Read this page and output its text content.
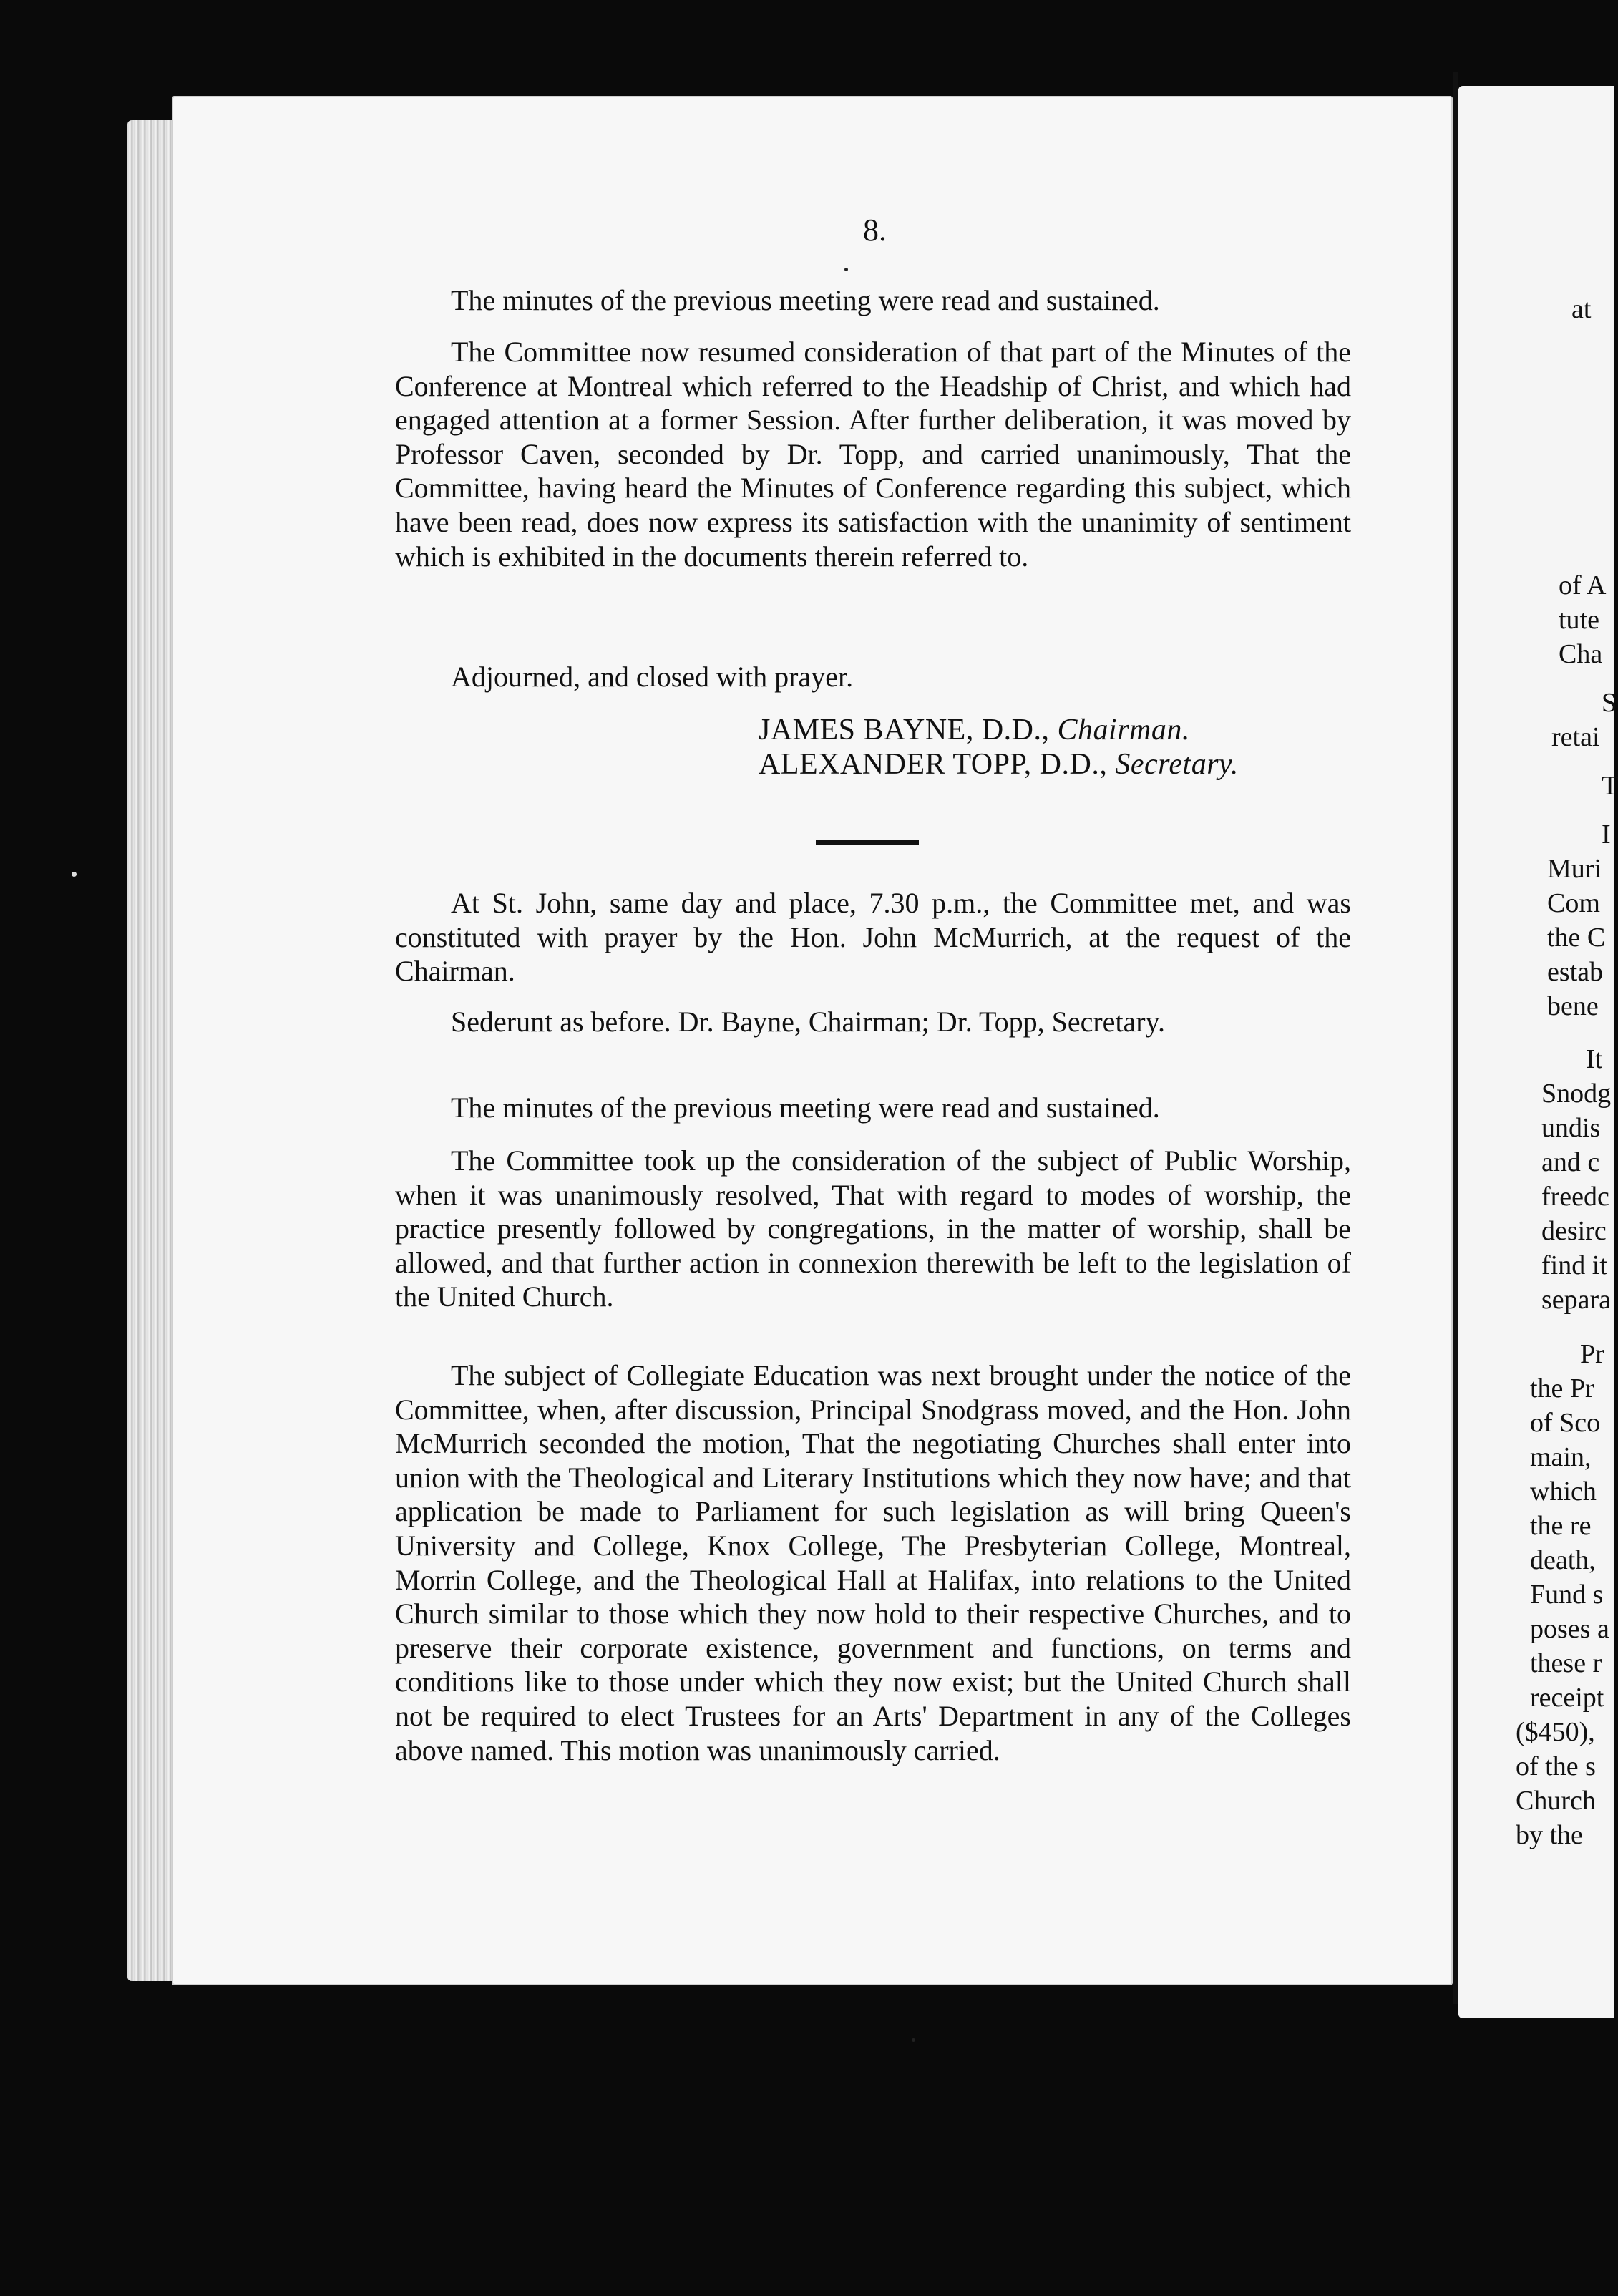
8.

The minutes of the previous meeting were read and sustained.

The Committee now resumed consideration of that part of the Minutes of the Conference at Montreal which referred to the Headship of Christ, and which had engaged attention at a former Session. After further deliberation, it was moved by Professor Caven, seconded by Dr. Topp, and carried unanimously, That the Committee, having heard the Minutes of Conference regarding this subject, which have been read, does now express its satisfaction with the unanimity of sentiment which is exhibited in the documents therein referred to.

Adjourned, and closed with prayer.

JAMES BAYNE, D.D., Chairman.
ALEXANDER TOPP, D.D., Secretary.

At St. John, same day and place, 7.30 p.m., the Committee met, and was constituted with prayer by the Hon. John McMurrich, at the request of the Chairman.

Sederunt as before. Dr. Bayne, Chairman; Dr. Topp, Secretary.

The minutes of the previous meeting were read and sustained.

The Committee took up the consideration of the subject of Public Worship, when it was unanimously resolved, That with regard to modes of worship, the practice presently followed by congregations, in the matter of worship, shall be allowed, and that further action in connexion therewith be left to the legislation of the United Church.

The subject of Collegiate Education was next brought under the notice of the Committee, when, after discussion, Principal Snodgrass moved, and the Hon. John McMurrich seconded the motion, That the negotiating Churches shall enter into union with the Theological and Literary Institutions which they now have; and that application be made to Parliament for such legislation as will bring Queen's University and College, Knox College, The Presbyterian College, Montreal, Morrin College, and the Theological Hall at Halifax, into relations to the United Church similar to those which they now hold to their respective Churches, and to preserve their corporate existence, government and functions, on terms and conditions like to those under which they now exist; but the United Church shall not be required to elect Trustees for an Arts' Department in any of the Colleges above named. This motion was unanimously carried.

at
of A
tute
Cha
S
retai
T
I
Muri
Com
the C
estab
bene
It
Snodg
undis
and c
freedc
desirc
find it
separa
Pr
the Pr
of Sco
main,
which
the re
death,
Fund s
poses a
these r
receipt
($450),
of the s
Church
by the
